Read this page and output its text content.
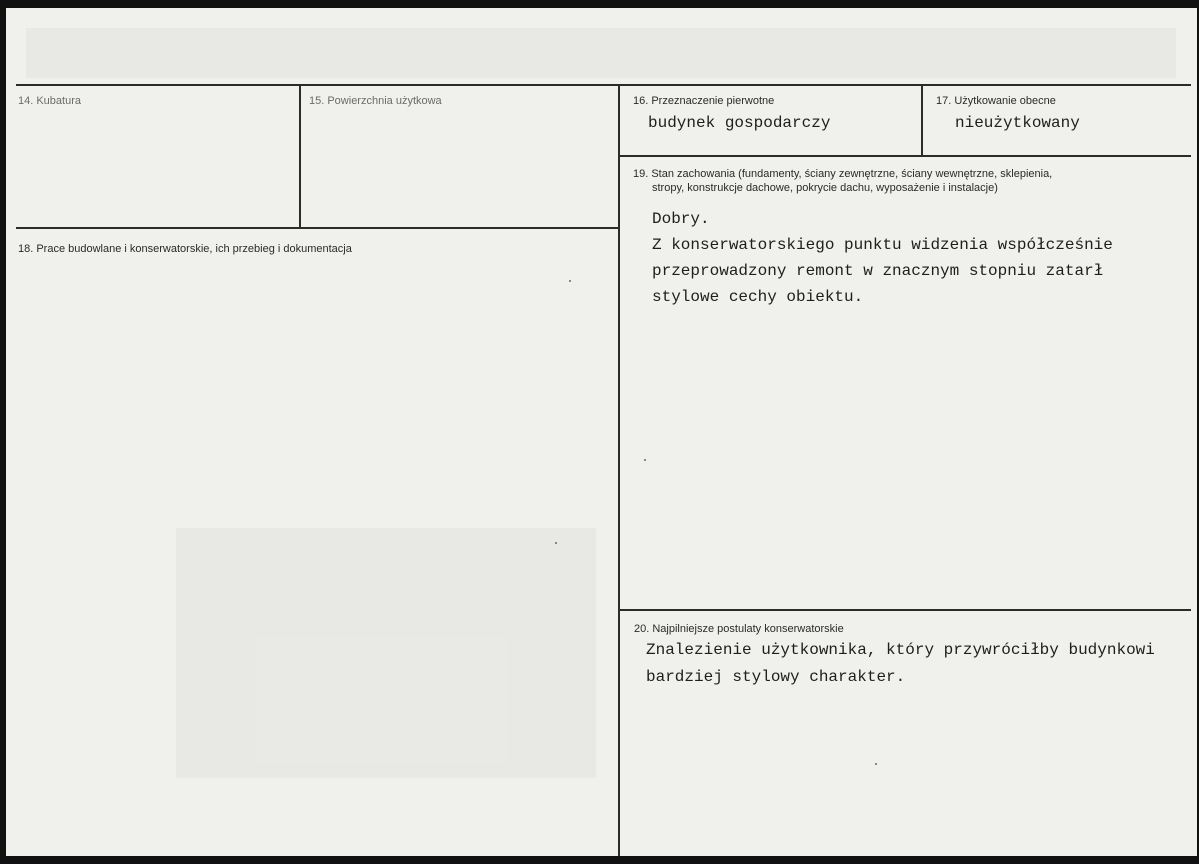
14. Kubatura	15. Powierzchnia użytkowa	16. Przeznaczenie pierwotne
budynek gospodarczy
17. Użytkowanie obecne
nieużytkowany
18. Prace budowlane i konserwatorskie, ich przebieg i dokumentacja
19. Stan zachowania (fundamenty, ściany zewnętrzne, ściany wewnętrzne, sklepienia,
stropy, konstrukcje dachowe, pokrycie dachu, wyposażenie i instalacje)
Dobry.
Z konserwatorskiego punktu widzenia współcześnie
przeprowadzony remont w znacznym stopniu zatarł
stylowe cechy obiektu.
20. Najpilniejsze postulaty konserwatorskie
Znalezienie użytkownika, który przywróciłby budynkowi
bardziej stylowy charakter.
